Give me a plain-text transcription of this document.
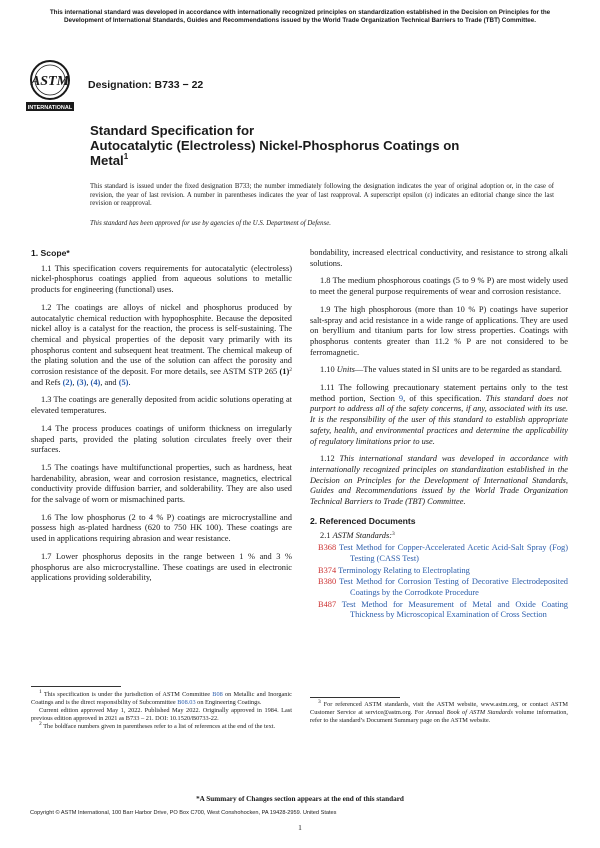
This international standard was developed in accordance with internationally recognized principles on standardization established in the Decision on Principles for the Development of International Standards, Guides and Recommendations issued by the World Trade Organization Technical Barriers to Trade (TBT) Committee.
ASTM
INTERNATIONAL
Designation: B733 − 22
Standard Specification for
Autocatalytic (Electroless) Nickel-Phosphorus Coatings on
Metal$^1$
This standard is issued under the fixed designation B733; the number immediately following the designation indicates the year of original adoption or, in the case of revision, the year of last revision. A number in parentheses indicates the year of last reapproval. A superscript epsilon (ε) indicates an editorial change since the last revision or reapproval.
This standard has been approved for use by agencies of the U.S. Department of Defense.

1. Scope*

1.1 This specification covers requirements for autocatalytic (electroless) nickel-phosphorus coatings applied from aqueous solutions to metallic products for engineering (functional) uses.

1.2 The coatings are alloys of nickel and phosphorus produced by autocatalytic chemical reduction with hypophosphite. Because the deposited nickel alloy is a catalyst for the reaction, the process is self-sustaining. The chemical and physical properties of the deposit vary primarily with its phosphorus content and subsequent heat treatment. The chemical makeup of the plating solution and the use of the solution can affect the porosity and corrosion resistance of the deposit. For more details, see ASTM STP 265 $(1)^2$ and Refs (2), (3), (4), and (5).

1.3 The coatings are generally deposited from acidic solutions operating at elevated temperatures.

1.4 The process produces coatings of uniform thickness on irregularly shaped parts, provided the plating solution circulates freely over their surfaces.

1.5 The coatings have multifunctional properties, such as hardness, heat hardenability, abrasion, wear and corrosion resistance, magnetics, electrical conductivity provide diffusion barrier, and solderability. They are also used for the salvage of worn or mismachined parts.

1.6 The low phosphorus (2 to 4 % P) coatings are microcrystalline and possess high as-plated hardness (620 to 750 HK 100). These coatings are used in applications requiring abrasion and wear resistance.

1.7 Lower phosphorus deposits in the range between 1 % and 3 % phosphorus are also microcrystalline. These coatings are used in electronic applications providing solderability,

$^1$ This specification is under the jurisdiction of ASTM Committee B08 on Metallic and Inorganic Coatings and is the direct responsibility of Subcommittee B08.03 on Engineering Coatings.

Current edition approved May 1, 2022. Published May 2022. Originally approved in 1984. Last previous edition approved in 2021 as B733 – 21. DOI: 10.1520/B0733-22.

$^2$ The boldface numbers given in parentheses refer to a list of references at the end of the text.

bondability, increased electrical conductivity, and resistance to strong alkali solutions.

1.8 The medium phosphorous coatings (5 to 9 % P) are most widely used to meet the general purpose requirements of wear and corrosion resistance.

1.9 The high phosphorous (more than 10 % P) coatings have superior salt-spray and acid resistance in a wide range of applications. They are used on beryllium and titanium parts for low stress properties. Coatings with phosphorus contents greater than 11.2 % P are not considered to be ferromagnetic.

1.10 Units—The values stated in SI units are to be regarded as standard.

1.11 The following precautionary statement pertains only to the test method portion, Section 9, of this specification. This standard does not purport to address all of the safety concerns, if any, associated with its use. It is the responsibility of the user of this standard to establish appropriate safety, health, and environmental practices and determine the applicability of regulatory limitations prior to use.

1.12 This international standard was developed in accordance with internationally recognized principles on standardization established in the Decision on Principles for the Development of International Standards, Guides and Recommendations issued by the World Trade Organization Technical Barriers to Trade (TBT) Committee.

2. Referenced Documents

2.1 ASTM Standards:$^3$

B368 Test Method for Copper-Accelerated Acetic Acid-Salt Spray (Fog) Testing (CASS Test)
B374 Terminology Relating to Electroplating
B380 Test Method for Corrosion Testing of Decorative Electrodeposited Coatings by the Corrodkote Procedure
B487 Test Method for Measurement of Metal and Oxide Coating Thickness by Microscopical Examination of Cross Section

$^3$ For referenced ASTM standards, visit the ASTM website, www.astm.org, or contact ASTM Customer Service at service@astm.org. For Annual Book of ASTM Standards volume information, refer to the standard’s Document Summary page on the ASTM website.

*A Summary of Changes section appears at the end of this standard
Copyright © ASTM International, 100 Barr Harbor Drive, PO Box C700, West Conshohocken, PA 19428-2959. United States
1
